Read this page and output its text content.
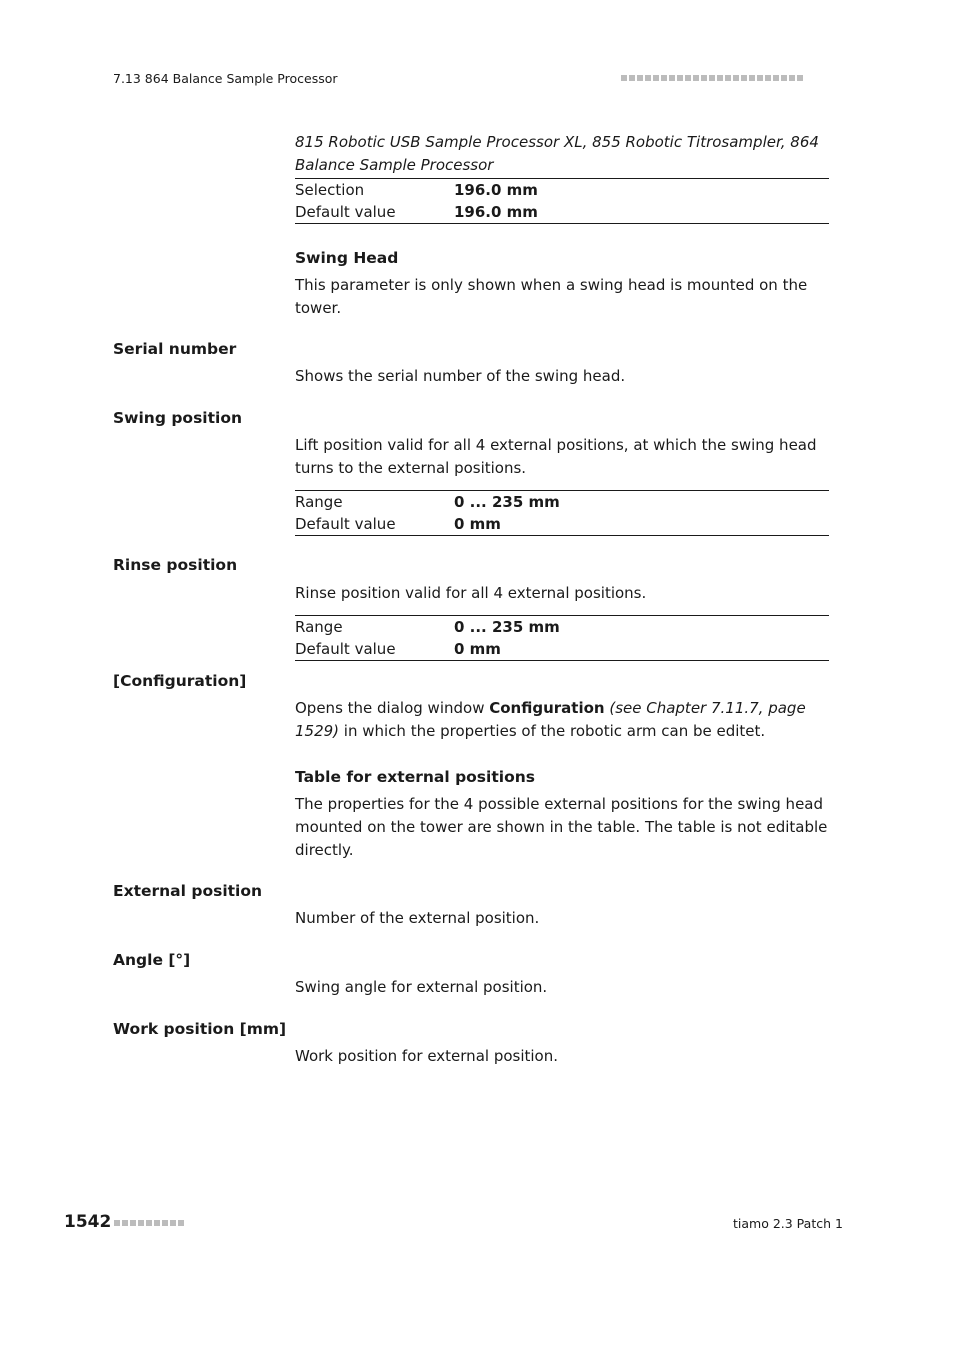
7.13 864 Balance Sample Processor
815 Robotic USB Sample Processor XL, 855 Robotic Titrosampler, 864 Balance Sample Processor
Selection	196.0 mm
Default value	196.0 mm
Swing Head
This parameter is only shown when a swing head is mounted on the tower.
Serial number
Shows the serial number of the swing head.
Swing position
Lift position valid for all 4 external positions, at which the swing head turns to the external positions.
Range	0 ... 235 mm
Default value	0 mm
Rinse position
Rinse position valid for all 4 external positions.
Range	0 ... 235 mm
Default value	0 mm
[Configuration]
Opens the dialog window Configuration (see Chapter 7.11.7, page 1529) in which the properties of the robotic arm can be editet.
Table for external positions
The properties for the 4 possible external positions for the swing head mounted on the tower are shown in the table. The table is not editable directly.
External position
Number of the external position.
Angle [°]
Swing angle for external position.
Work position [mm]
Work position for external position.
1542	tiamo 2.3 Patch 1
